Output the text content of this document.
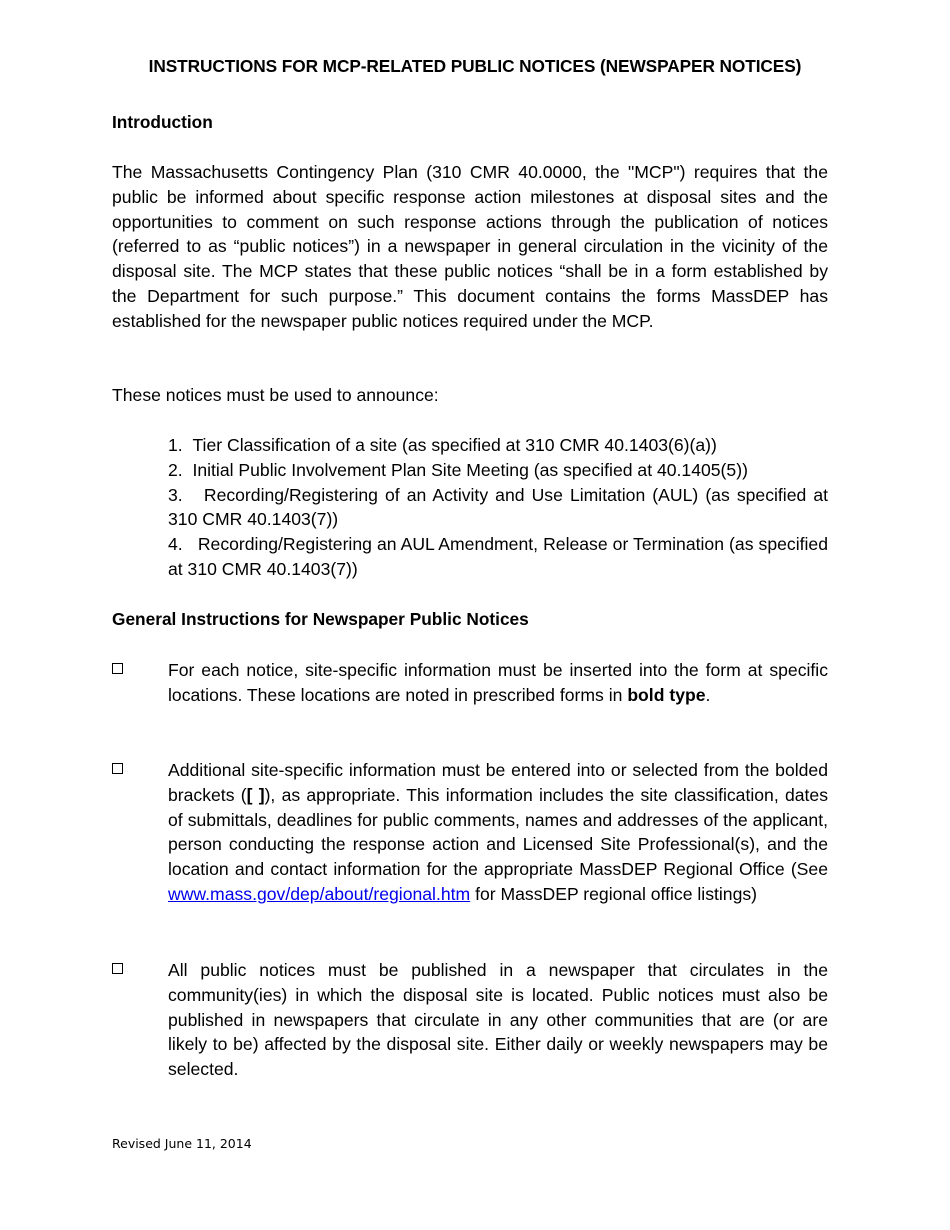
INSTRUCTIONS FOR MCP-RELATED PUBLIC NOTICES (NEWSPAPER NOTICES)
Introduction
The Massachusetts Contingency Plan (310 CMR 40.0000, the "MCP") requires that the public be informed about specific response action milestones at disposal sites and the opportunities to comment on such response actions through the publication of notices (referred to as “public notices”) in a newspaper in general circulation in the vicinity of the disposal site. The MCP states that these public notices “shall be in a form established by the Department for such purpose.” This document contains the forms MassDEP has established for the newspaper public notices required under the MCP.
These notices must be used to announce:
1.  Tier Classification of a site (as specified at 310 CMR 40.1403(6)(a))
2.  Initial Public Involvement Plan Site Meeting (as specified at 40.1405(5))
3.   Recording/Registering of an Activity and Use Limitation (AUL) (as specified at 310 CMR 40.1403(7))
4.   Recording/Registering an AUL Amendment, Release or Termination (as specified at 310 CMR 40.1403(7))
General Instructions for Newspaper Public Notices
For each notice, site-specific information must be inserted into the form at specific locations. These locations are noted in prescribed forms in bold type.
Additional site-specific information must be entered into or selected from the bolded brackets ([ ]), as appropriate. This information includes the site classification, dates of submittals, deadlines for public comments, names and addresses of the applicant, person conducting the response action and Licensed Site Professional(s), and the location and contact information for the appropriate MassDEP Regional Office (See
www.mass.gov/dep/about/regional.htm for MassDEP regional office listings)
All public notices must be published in a newspaper that circulates in the community(ies) in which the disposal site is located. Public notices must also be published in newspapers that circulate in any other communities that are (or are likely to be) affected by the disposal site. Either daily or weekly newspapers may be selected.
Revised June 11, 2014
